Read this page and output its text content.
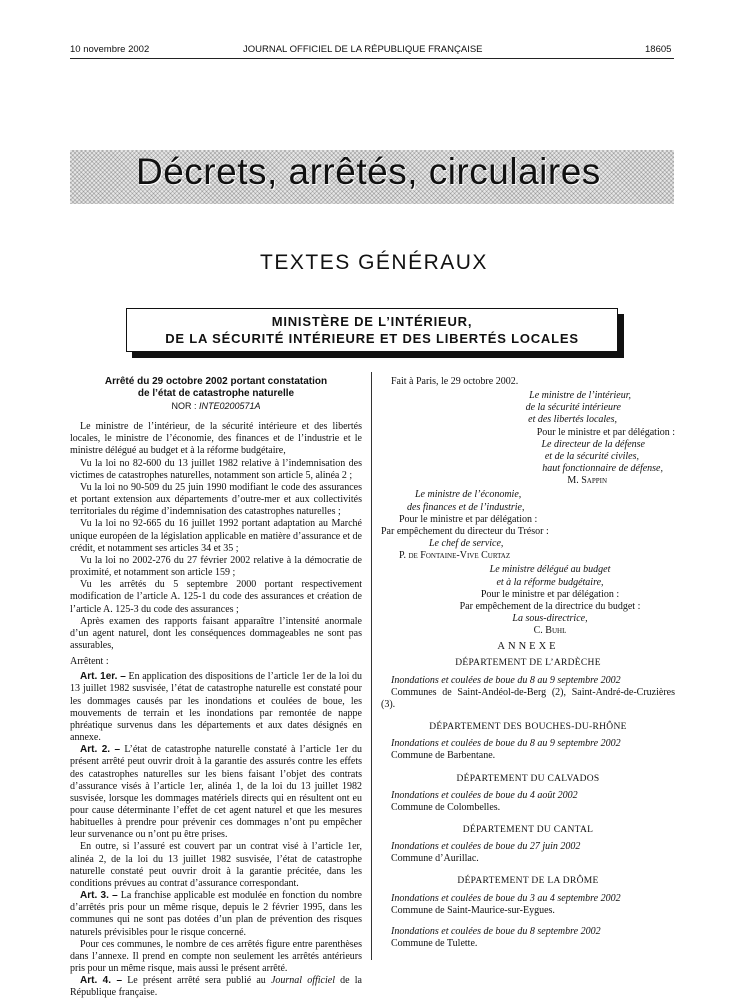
10 novembre 2002	JOURNAL OFFICIEL DE LA RÉPUBLIQUE FRANÇAISE	18605
Décrets, arrêtés, circulaires
TEXTES GÉNÉRAUX
MINISTÈRE DE L’INTÉRIEUR,
DE LA SÉCURITÉ INTÉRIEURE ET DES LIBERTÉS LOCALES
Arrêté du 29 octobre 2002 portant constatation
de l’état de catastrophe naturelle
NOR : INTE0200571A

Le ministre de l’intérieur, de la sécurité intérieure et des libertés locales, le ministre de l’économie, des finances et de l’industrie et le ministre délégué au budget et à la réforme budgétaire,

Vu la loi no 82-600 du 13 juillet 1982 relative à l’indemnisation des victimes de catastrophes naturelles, notamment son article 5, alinéa 2 ;

Vu la loi no 90-509 du 25 juin 1990 modifiant le code des assurances et portant extension aux départements d’outre-mer et aux collectivités territoriales du régime d’indemnisation des catastrophes naturelles ;

Vu la loi no 92-665 du 16 juillet 1992 portant adaptation au Marché unique européen de la législation applicable en matière d’assurance et de crédit, et notamment ses articles 34 et 35 ;

Vu la loi no 2002-276 du 27 février 2002 relative à la démocratie de proximité, et notamment son article 159 ;

Vu les arrêtés du 5 septembre 2000 portant respectivement modification de l’article A. 125-1 du code des assurances et création de l’article A. 125-3 du code des assurances ;

Après examen des rapports faisant apparaître l’intensité anormale d’un agent naturel, dont les conséquences dommageables ne sont pas assurables,

Arrêtent :

Art. 1er. – En application des dispositions de l’article 1er de la loi du 13 juillet 1982 susvisée, l’état de catastrophe naturelle est constaté pour les dommages causés par les inondations et coulées de boue, les mouvements de terrain et les inondations par remontée de nappe phréatique survenus dans les départements et aux dates désignés en annexe.

Art. 2. – L’état de catastrophe naturelle constaté à l’article 1er du présent arrêté peut ouvrir droit à la garantie des assurés contre les effets des catastrophes naturelles sur les biens faisant l’objet des contrats d’assurance visés à l’article 1er, alinéa 1, de la loi du 13 juillet 1982 susvisée, lorsque les dommages matériels directs qui en résultent ont eu pour cause déterminante l’effet de cet agent naturel et que les mesures habituelles à prendre pour prévenir ces dommages n’ont pu empêcher leur survenance ou n’ont pu être prises.

En outre, si l’assuré est couvert par un contrat visé à l’article 1er, alinéa 2, de la loi du 13 juillet 1982 susvisée, l’état de catastrophe naturelle constaté peut ouvrir droit à la garantie précitée, dans les conditions prévues au contrat d’assurance correspondant.

Art. 3. – La franchise applicable est modulée en fonction du nombre d’arrêtés pris pour un même risque, depuis le 2 février 1995, dans les communes qui ne sont pas dotées d’un plan de prévention des risques naturels prévisibles pour le risque concerné.

Pour ces communes, le nombre de ces arrêtés figure entre parenthèses dans l’annexe. Il prend en compte non seulement les arrêtés antérieurs pris pour un même risque, mais aussi le présent arrêté.

Art. 4. – Le présent arrêté sera publié au Journal officiel de la République française.

Fait à Paris, le 29 octobre 2002.

Le ministre de l’intérieur,
de la sécurité intérieure
et des libertés locales,
Pour le ministre et par délégation :
Le directeur de la défense
et de la sécurité civiles,
haut fonctionnaire de défense,
M. Sappin
Le ministre de l’économie,
des finances et de l’industrie,
Pour le ministre et par délégation :
Par empêchement du directeur du Trésor :
Le chef de service,
P. de Fontaine-Vive Curtaz
Le ministre délégué au budget
et à la réforme budgétaire,
Pour le ministre et par délégation :
Par empêchement de la directrice du budget :
La sous-directrice,
C. Buhl
ANNEXE
DÉPARTEMENT DE L’ARDÈCHE

Inondations et coulées de boue du 8 au 9 septembre 2002

Communes de Saint-Andéol-de-Berg (2), Saint-André-de-Cruzières (3).

DÉPARTEMENT DES BOUCHES-DU-RHÔNE

Inondations et coulées de boue du 8 au 9 septembre 2002

Commune de Barbentane.

DÉPARTEMENT DU CALVADOS

Inondations et coulées de boue du 4 août 2002

Commune de Colombelles.

DÉPARTEMENT DU CANTAL

Inondations et coulées de boue du 27 juin 2002

Commune d’Aurillac.

DÉPARTEMENT DE LA DRÔME

Inondations et coulées de boue du 3 au 4 septembre 2002

Commune de Saint-Maurice-sur-Eygues.

Inondations et coulées de boue du 8 septembre 2002

Commune de Tulette.
